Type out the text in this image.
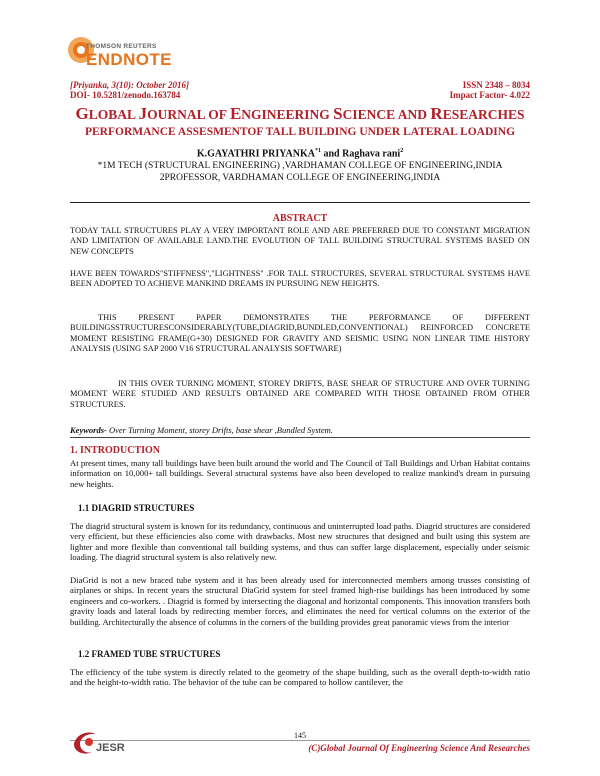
THOMSON REUTERS
ENDNOTE
[Priyanka, 3(10): October 2016]
DOI- 10.5281/zenodo.163784
ISSN 2348 – 8034
Impact Factor- 4.022
GLOBAL JOURNAL OF ENGINEERING SCIENCE AND RESEARCHES
PERFORMANCE ASSESMENTOF TALL BUILDING UNDER LATERAL LOADING
K.GAYATHRI PRIYANKA$^{*1}$ and Raghava rani$^2$
*1M TECH (STRUCTURAL ENGINEERING) ,VARDHAMAN COLLEGE OF ENGINEERING,INDIA
2PROFESSOR, VARDHAMAN COLLEGE OF ENGINEERING,INDIA
ABSTRACT
TODAY TALL STRUCTURES PLAY A VERY IMPORTANT ROLE AND ARE PREFERRED DUE TO CONSTANT MIGRATION AND LIMITATION OF AVAILABLE LAND.THE EVOLUTION OF TALL BUILDING STRUCTURAL SYSTEMS BASED ON NEW CONCEPTS
HAVE BEEN TOWARDS"STIFFNESS","LIGHTNESS" .FOR TALL STRUCTURES, SEVERAL STRUCTURAL SYSTEMS HAVE BEEN ADOPTED TO ACHIEVE MANKIND DREAMS IN PURSUING NEW HEIGHTS.
THIS PRESENT PAPER DEMONSTRATES THE PERFORMANCE OF DIFFERENT BUILDINGSSTRUCTURESCONSIDERABLY(TUBE,DIAGRID,BUNDLED,CONVENTIONAL) REINFORCED CONCRETE MOMENT RESISTING FRAME(G+30) DESIGNED FOR GRAVITY AND SEISMIC USING NON LINEAR TIME HISTORY ANALYSIS (USING SAP 2000 V16 STRUCTURAL ANALYSIS SOFTWARE)
IN THIS OVER TURNING MOMENT, STOREY DRIFTS, BASE SHEAR OF STRUCTURE AND OVER TURNING MOMENT WERE STUDIED AND RESULTS OBTAINED ARE COMPARED WITH THOSE OBTAINED FROM OTHER STRUCTURES.
Keywords- Over Turning Moment, storey Drifts, base shear ,Bundled System.
1. INTRODUCTION
At present times, many tall buildings have been built around the world and The Council of Tall Buildings and Urban Habitat contains information on 10,000+ tall buildings. Several structural systems have also been developed to realize mankind's dream in pursuing new heights.
1.1 DIAGRID STRUCTURES
The diagrid structural system is known for its redundancy, continuous and uninterrupted load paths. Diagrid structures are considered very efficient, but these efficiencies also come with drawbacks. Most new structures that designed and built using this system are lighter and more flexible than conventional tall building systems, and thus can suffer large displacement, especially under seismic loading. The diagrid structural system is also relatively new.
DiaGrid is not a new braced tube system and it has been already used for interconnected members among trusses consisting of airplanes or ships. In recent years the structural DiaGrid system for steel framed high-rise buildings has been introduced by some engineers and co-workers. . Diagrid is formed by intersecting the diagonal and horizontal components. This innovation transfers both gravity loads and lateral loads by redirecting member forces, and eliminates the need for vertical columns on the exterior of the building. Architecturally the absence of columns in the corners of the building provides great panoramic views from the interior
1.2 FRAMED TUBE STRUCTURES
The efficiency of the tube system is directly related to the geometry of the shape building, such as the overall depth-to-width ratio and the height-to-width ratio. The behavior of the tube can be compared to hollow cantilever, the
JESR
145
(C)Global Journal Of Engineering Science And Researches
